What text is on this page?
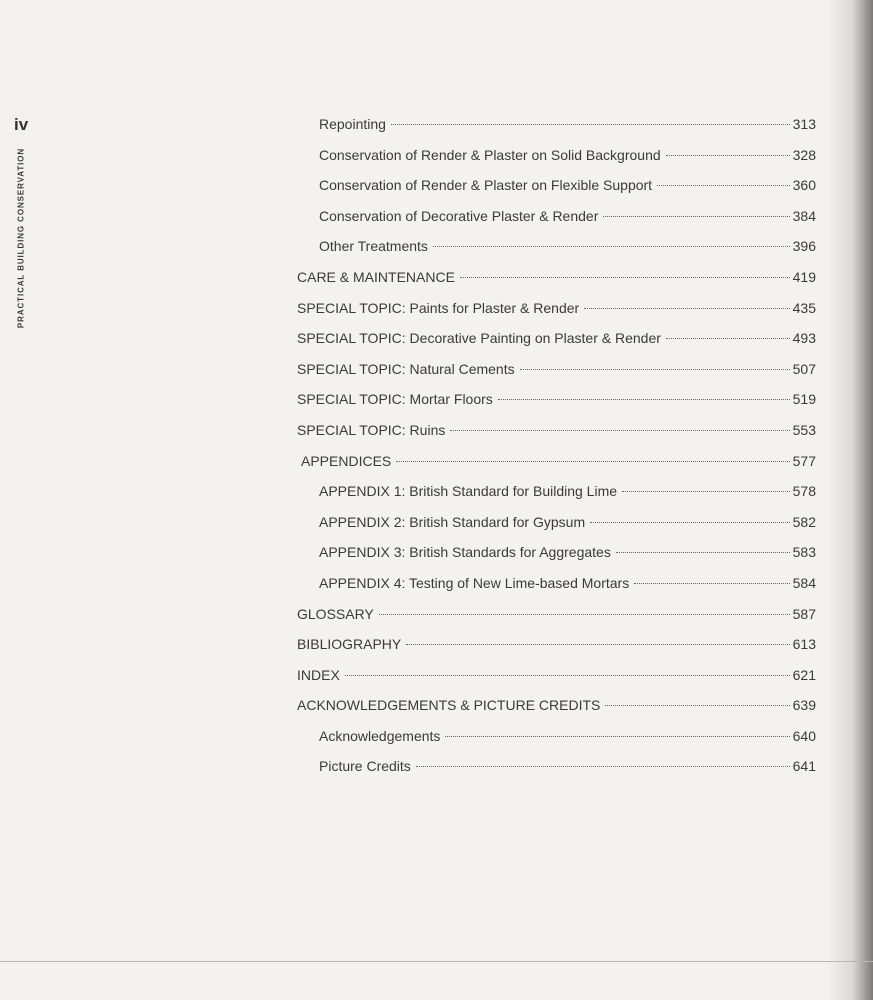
iv
PRACTICAL BUILDING CONSERVATION
Repointing	313
Conservation of Render & Plaster on Solid Background	328
Conservation of Render & Plaster on Flexible Support	360
Conservation of Decorative Plaster & Render	384
Other Treatments	396
CARE & MAINTENANCE	419
SPECIAL TOPIC: Paints for Plaster & Render	435
SPECIAL TOPIC: Decorative Painting on Plaster & Render	493
SPECIAL TOPIC: Natural Cements	507
SPECIAL TOPIC: Mortar Floors	519
SPECIAL TOPIC: Ruins	553
APPENDICES	577
APPENDIX 1: British Standard for Building Lime	578
APPENDIX 2: British Standard for Gypsum	582
APPENDIX 3: British Standards for Aggregates	583
APPENDIX 4: Testing of New Lime-based Mortars	584
GLOSSARY	587
BIBLIOGRAPHY	613
INDEX	621
ACKNOWLEDGEMENTS & PICTURE CREDITS	639
Acknowledgements	640
Picture Credits	641
